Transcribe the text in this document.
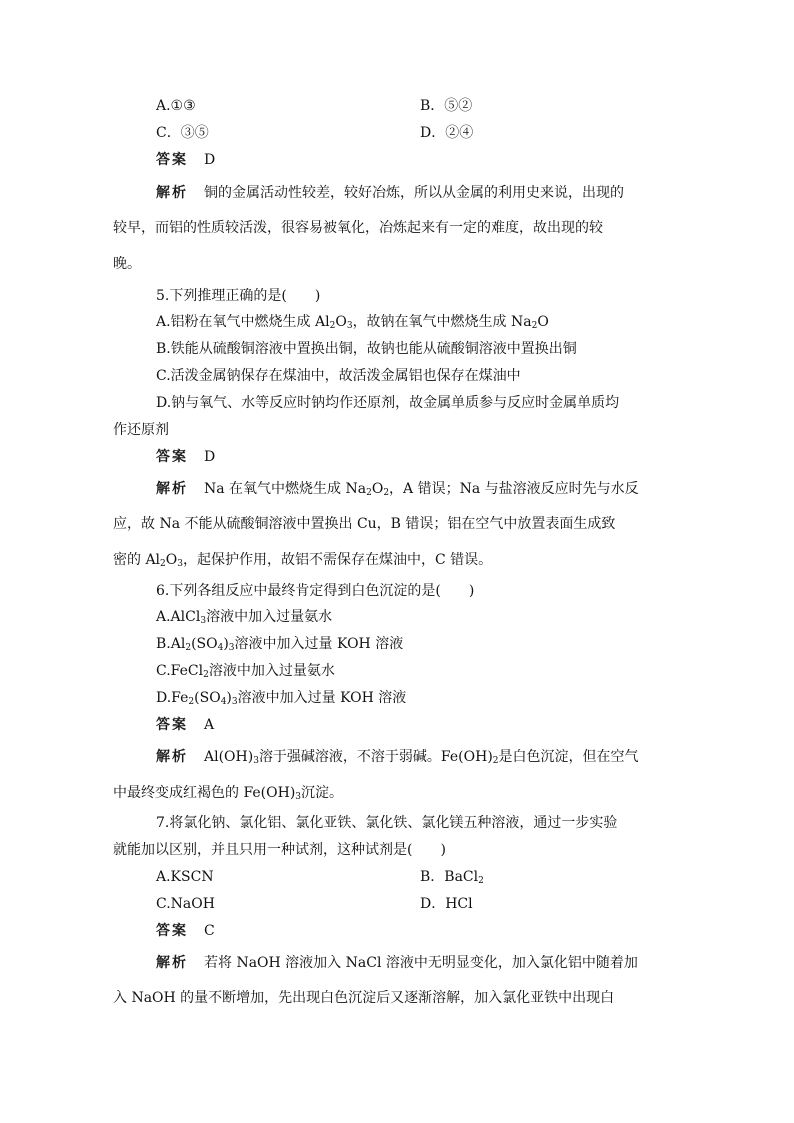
A.①③	B．⑤②
C．③⑤	D．②④
答案 D
解析 铜的金属活动性较差，较好冶炼，所以从金属的利用史来说，出现的
较早，而铝的性质较活泼，很容易被氧化，冶炼起来有一定的难度，故出现的较
晚。
5.下列推理正确的是(　　)
A.铝粉在氧气中燃烧生成 $Al_2O_3$，故钠在氧气中燃烧生成 $Na_2O$
B.铁能从硫酸铜溶液中置换出铜，故钠也能从硫酸铜溶液中置换出铜
C.活泼金属钠保存在煤油中，故活泼金属铝也保存在煤油中
D.钠与氧气、水等反应时钠均作还原剂，故金属单质参与反应时金属单质均
作还原剂
答案 D
解析 Na 在氧气中燃烧生成 $Na_2O_2$，A 错误；Na 与盐溶液反应时先与水反
应，故 Na 不能从硫酸铜溶液中置换出 Cu，B 错误；铝在空气中放置表面生成致
密的 $Al_2O_3$，起保护作用，故铝不需保存在煤油中，C 错误。
6.下列各组反应中最终肯定得到白色沉淀的是(　　)
A.AlCl$_3$溶液中加入过量氨水
$B.Al_2(SO_4)_3$溶液中加入过量 KOH 溶液
C.FeCl$_2$溶液中加入过量氨水
$D.Fe_2(SO_4)_3$溶液中加入过量 KOH 溶液
答案 A
解析 $Al(OH)_3$溶于强碱溶液，不溶于弱碱。$Fe(OH)_2$是白色沉淀，但在空气
中最终变成红褐色的 $Fe(OH)_3$沉淀。
7.将氯化钠、氯化铝、氯化亚铁、氯化铁、氯化镁五种溶液，通过一步实验
就能加以区别，并且只用一种试剂，这种试剂是(　　)
A.KSCN	B．BaCl$_2$
C.NaOH	D．HCl
答案 C
解析 若将 NaOH 溶液加入 NaCl 溶液中无明显变化，加入氯化铝中随着加
入 NaOH 的量不断增加，先出现白色沉淀后又逐渐溶解，加入氯化亚铁中出现白
